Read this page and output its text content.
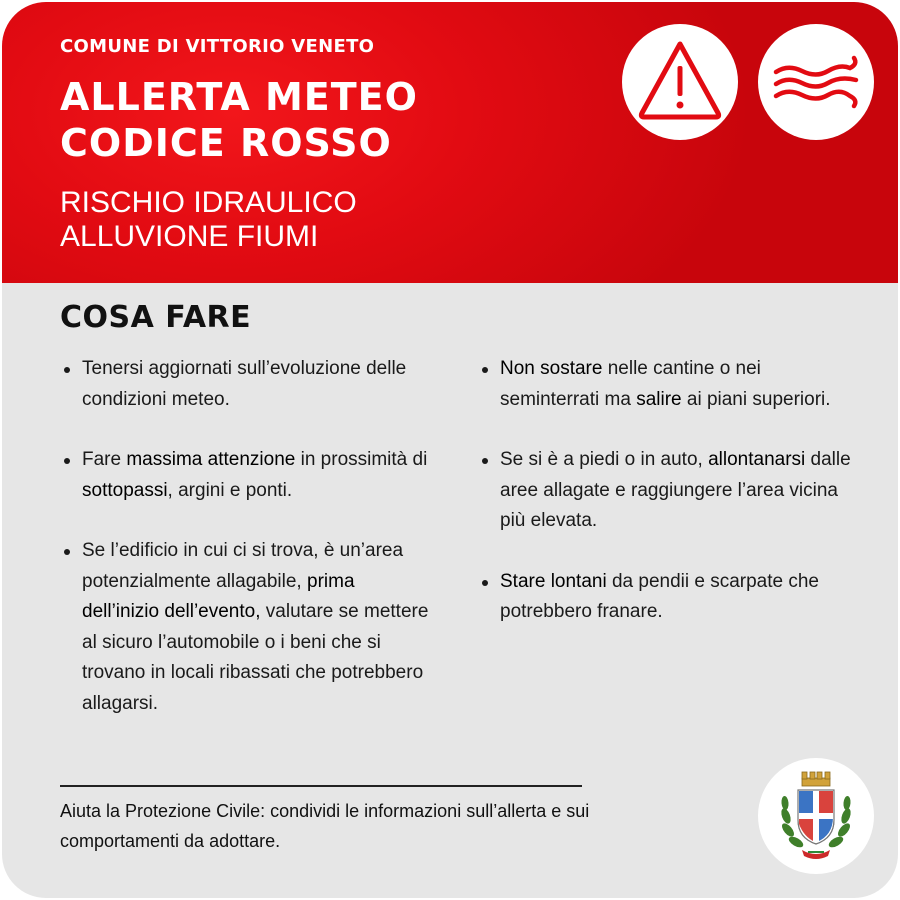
COMUNE DI VITTORIO VENETO
ALLERTA METEO
CODICE ROSSO
RISCHIO IDRAULICO
ALLUVIONE FIUMI
COSA FARE
Tenersi aggiornati sull’evoluzione delle condizioni meteo.
Fare massima attenzione in prossimità di sottopassi, argini e ponti.
Se l’edificio in cui ci si trova, è un’area potenzialmente allagabile, prima dell’inizio dell’evento, valutare se mettere al sicuro l’automobile o i beni che si trovano in locali ribassati che potrebbero allagarsi.
Non sostare nelle cantine o nei seminterrati ma salire ai piani superiori.
Se si è a piedi o in auto, allontanarsi dalle aree allagate e raggiungere l’area vicina più elevata.
Stare lontani da pendii e scarpate che potrebbero franare.
Aiuta la Protezione Civile: condividi le informazioni sull’allerta e sui comportamenti da adottare.
